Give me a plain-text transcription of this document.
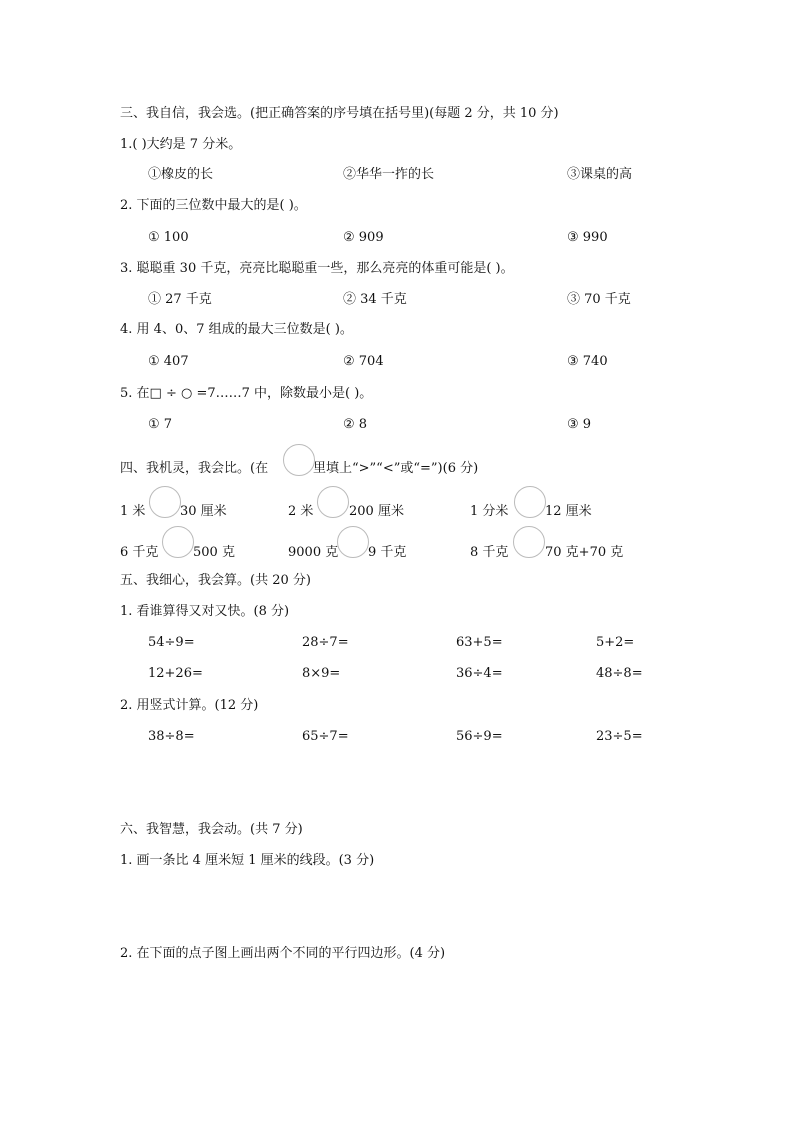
三、我自信，我会选。(把正确答案的序号填在括号里)(每题 2 分，共 10 分)
1.( )大约是 7 分米。
①橡皮的长	②华华一拃的长	③课桌的高
2. 下面的三位数中最大的是( )。
① 100	② 909	③ 990
3. 聪聪重 30 千克，亮亮比聪聪重一些，那么亮亮的体重可能是( )。
① 27 千克	② 34 千克	③ 70 千克
4. 用 4、0、7 组成的最大三位数是( )。
① 407	② 704	③ 740
5. 在□ ÷ ○ =7……7 中，除数最小是( )。
① 7	② 8	③ 9
四、我机灵，我会比。(在	里填上“>”“<”或“=”)(6 分)
1 米	30 厘米	2 米	200 厘米	1 分米	12 厘米
6 千克	500 克	9000 克 9 千克	8 千克	70 克+70 克
五、我细心，我会算。(共 20 分)
1. 看谁算得又对又快。(8 分)
54÷9=	28÷7=	63+5=	5+2=
12+26=	8×9=	36÷4=	48÷8=
2. 用竖式计算。(12 分)
38÷8=	65÷7=	56÷9=	23÷5=
六、我智慧，我会动。(共 7 分)
1. 画一条比 4 厘米短 1 厘米的线段。(3 分)
2. 在下面的点子图上画出两个不同的平行四边形。(4 分)
